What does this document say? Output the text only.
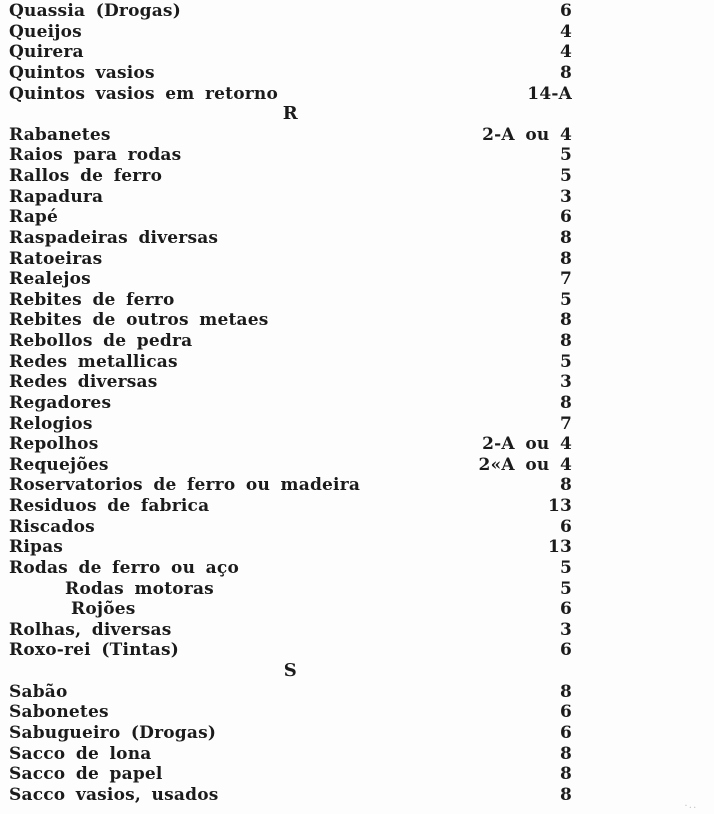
Quassia (Drogas)	6
Queijos	4
Quirera	4
Quintos vasios	8
Quintos vasios em retorno	14-A
R
Rabanetes	2-A ou 4
Raios para rodas	5
Rallos de ferro	5
Rapadura	3
Rapé	6
Raspadeiras diversas	8
Ratoeiras	8
Realejos	7
Rebites de ferro	5
Rebites de outros metaes	8
Rebollos de pedra	8
Redes metallicas	5
Redes diversas	3
Regadores	8
Relogios	7
Repolhos	2-A ou 4
Requejões	2«A ou 4
Roservatorios de ferro ou madeira	8
Residuos de fabrica	13
Riscados	6
Ripas	13
Rodas de ferro ou aço	5
Rodas motoras	5
Rojões	6
Rolhas, diversas	3
Roxo-rei (Tintas)	6
S
Sabão	8
Sabonetes	6
Sabugueiro (Drogas)	6
Sacco de lona	8
Sacco de papel	8
Sacco vasios, usados	8
·..
